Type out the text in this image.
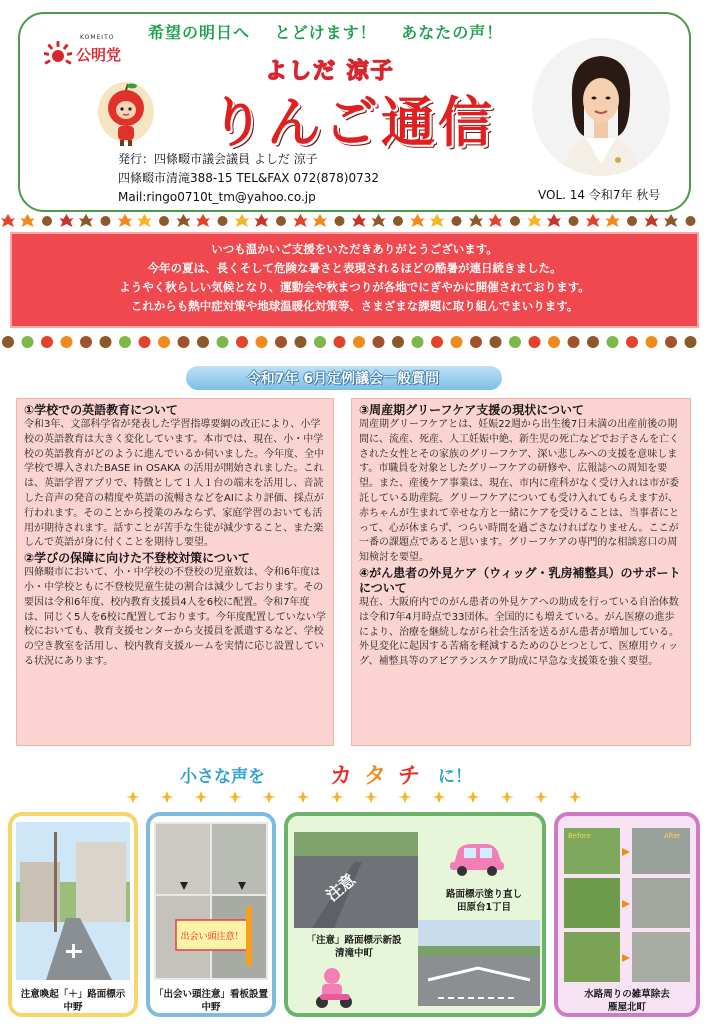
KOMEITO
公明党
希望の明日へ とどけます！ あなたの声！
よしだ 涼子
りんご通信
発行：四條畷市議会議員 よしだ 涼子
四條畷市清滝388-15 TEL&FAX 072(878)0732
Mail:ringo0710t_tm@yahoo.co.jp	VOL. 14 令和7年 秋号
いつも温かいご支援をいただきありがとうございます。
今年の夏は、長くそして危険な暑さと表現されるほどの酷暑が連日続きました。
ようやく秋らしい気候となり、運動会や秋まつりが各地でにぎやかに開催されております。
これからも熱中症対策や地球温暖化対策等、さまざまな課題に取り組んでまいります。
令和7年 6月定例議会一般質問
①学校での英語教育について

令和3年、文部科学省が発表した学習指導要綱の改正により、小学校の英語教育は大きく変化しています。本市では、現在、小・中学校の英語教育がどのように進んでいるか伺いました。今年度、全中学校で導入されたBASE in OSAKA の活用が開始されました。これは、英語学習アプリで、特徴として１人１台の端末を活用し、音読した音声の発音の精度や英語の流暢さなどをAIにより評価、採点が行われます。そのことから授業のみならず、家庭学習のおいても活用が期待されます。話すことが苦手な生徒が減少すること、また楽しんで英語が身に付くことを期待し要望。

②学びの保障に向けた不登校対策について

四條畷市において、小・中学校の不登校の児童数は、令和6年度は小・中学校ともに不登校児童生徒の割合は減少しております。その要因は令和6年度、校内教育支援員4人を6校に配置。令和7年度は、同じく5人を6校に配置しております。今年度配置していない学校においても、教育支援センターから支援員を派遣するなど、学校の空き教室を活用し、校内教育支援ルームを実情に応じ設置している状況にあります。

③周産期グリーフケア支援の現状について

周産期グリーフケアとは、妊娠22週から出生後7日未満の出産前後の期間に、流産、死産、人工妊娠中絶、新生児の死亡などでお子さんを亡くされた女性とその家族のグリーフケア、深い悲しみへの支援を意味します。市職員を対象としたグリーフケアの研修や、広報誌への周知を要望。また、産後ケア事業は、現在、市内に産科がなく受け入れは市が委託している助産院。グリーフケアについても受け入れてもらえますが、赤ちゃんが生まれて幸せな方と一緒にケアを受けることは、当事者にとって、心が休まらず、つらい時間を過ごさなければなりません。ここが一番の課題点であると思います。グリーフケアの専門的な相談窓口の周知検討を要望。

④がん患者の外見ケア（ウィッグ・乳房補整具）のサポートについて

現在、大阪府内でのがん患者の外見ケアへの助成を行っている自治体数は令和7年4月時点で33団体。全国的にも増えている。がん医療の進歩により、治療を継続しながら社会生活を送るがん患者が増加している。外見変化に起因する苦痛を軽減するためのひとつとして、医療用ウィッグ、補整具等のアピアランスケア助成に早急な支援策を強く要望。

小さな声を	カ タ チ に！
注意喚起「＋」路面標示
中野
出会い頭注意！
「出会い頭注意」看板設置
中野
注意	路面標示塗り直し
田原台1丁目
「注意」路面標示新設
清滝中町
Before	After
水路周りの雑草除去
雁屋北町
